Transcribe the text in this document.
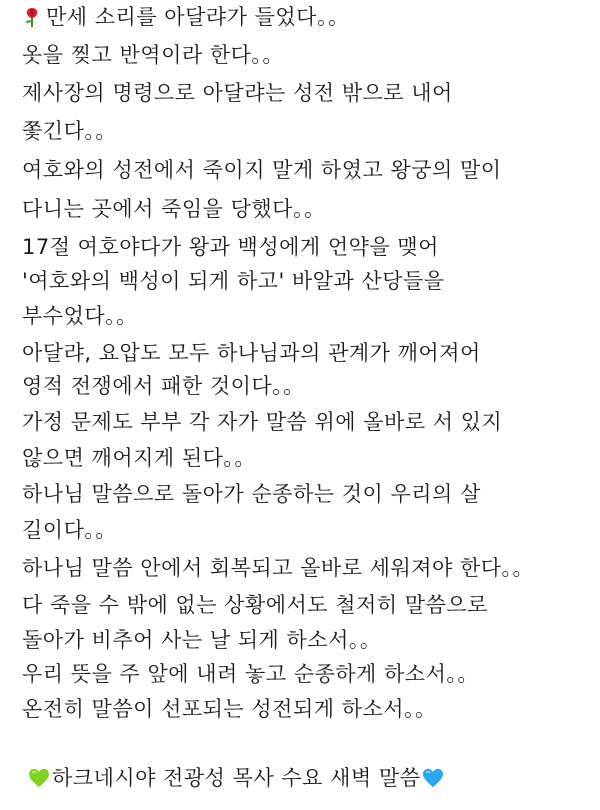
만세 소리를 아달랴가 들었다。。
옷을 찢고 반역이라 한다。。
제사장의 명령으로 아달랴는 성전 밖으로 내어
쫓긴다。。
여호와의 성전에서 죽이지 말게 하였고 왕궁의 말이
다니는 곳에서 죽임을 당했다。。
17절 여호야다가 왕과 백성에게 언약을 맺어
'여호와의 백성이 되게 하고' 바알과 산당들을
부수었다。。
아달랴, 요압도 모두 하나님과의 관계가 깨어져어
영적 전쟁에서 패한 것이다。。
가정 문제도 부부 각 자가 말씀 위에 올바로 서 있지
않으면 깨어지게 된다。。
하나님 말씀으로 돌아가 순종하는 것이 우리의 살
길이다。。
하나님 말씀 안에서 회복되고 올바로 세워져야 한다。。
다 죽을 수 밖에 없는 상황에서도 철저히 말씀으로
돌아가 비추어 사는 날 되게 하소서。。
우리 뜻을 주 앞에 내려 놓고 순종하게 하소서。。
온전히 말씀이 선포되는 성전되게 하소서。。
하크네시야 전광성 목사 수요 새벽 말씀
